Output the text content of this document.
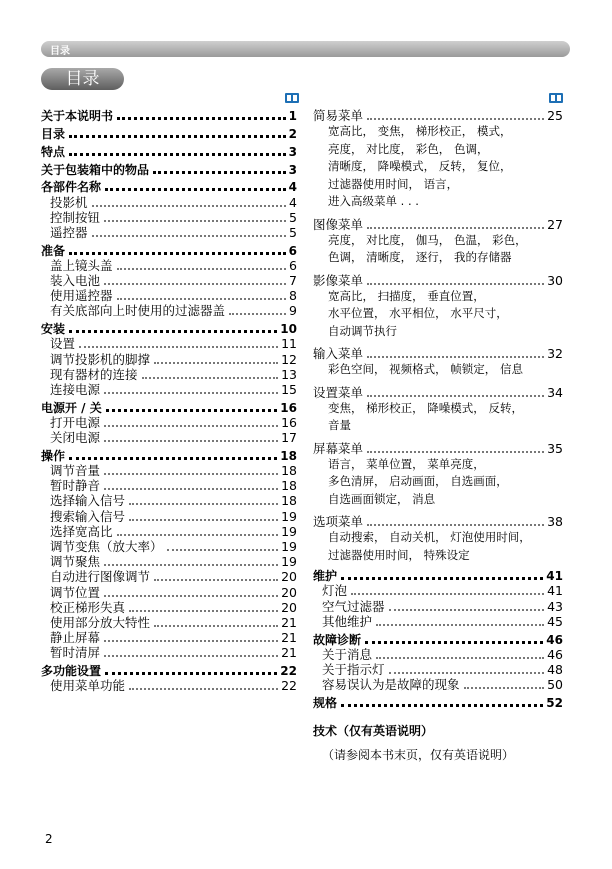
目录
目录
关于本说明书	1
目录	2
特点	3
关于包装箱中的物品	3
各部件名称	4
投影机	4
控制按钮	5
遥控器	5
准备	6
盖上镜头盖	6
装入电池	7
使用遥控器	8
有关底部向上时使用的过滤器盖	9
安装	10
设置	11
调节投影机的脚撑	12
现有器材的连接	13
连接电源	15
电源开 / 关	16
打开电源	16
关闭电源	17
操作	18
调节音量	18
暂时静音	18
选择输入信号	18
搜索输入信号	19
选择宽高比	19
调节变焦（放大率）	19
调节聚焦	19
自动进行图像调节	20
调节位置	20
校正梯形失真	20
使用部分放大特性	21
静止屏幕	21
暂时清屏	21
多功能设置	22
使用菜单功能	22
简易菜单	25
宽高比， 变焦， 梯形校正， 模式，
亮度， 对比度， 彩色， 色调，
清晰度， 降噪模式， 反转， 复位，
过滤器使用时间， 语言，
进入高级菜单 . . .
图像菜单	27
亮度， 对比度， 伽马， 色温， 彩色，
色调， 清晰度， 逐行， 我的存储器
影像菜单	30
宽高比， 扫描度， 垂直位置，
水平位置， 水平相位， 水平尺寸，
自动调节执行
输入菜单	32
彩色空间， 视频格式， 帧锁定， 信息
设置菜单	34
变焦， 梯形校正， 降噪模式， 反转，
音量
屏幕菜单	35
语言， 菜单位置， 菜单亮度，
多色清屏， 启动画面， 自选画面，
自选画面锁定， 消息
选项菜单	38
自动搜索， 自动关机， 灯泡使用时间，
过滤器使用时间， 特殊设定
维护	41
灯泡	41
空气过滤器	43
其他维护	45
故障诊断	46
关于消息	46
关于指示灯	48
容易误认为是故障的现象	50
规格	52
技术（仅有英语说明）
（请参阅本书末页，仅有英语说明）
2
